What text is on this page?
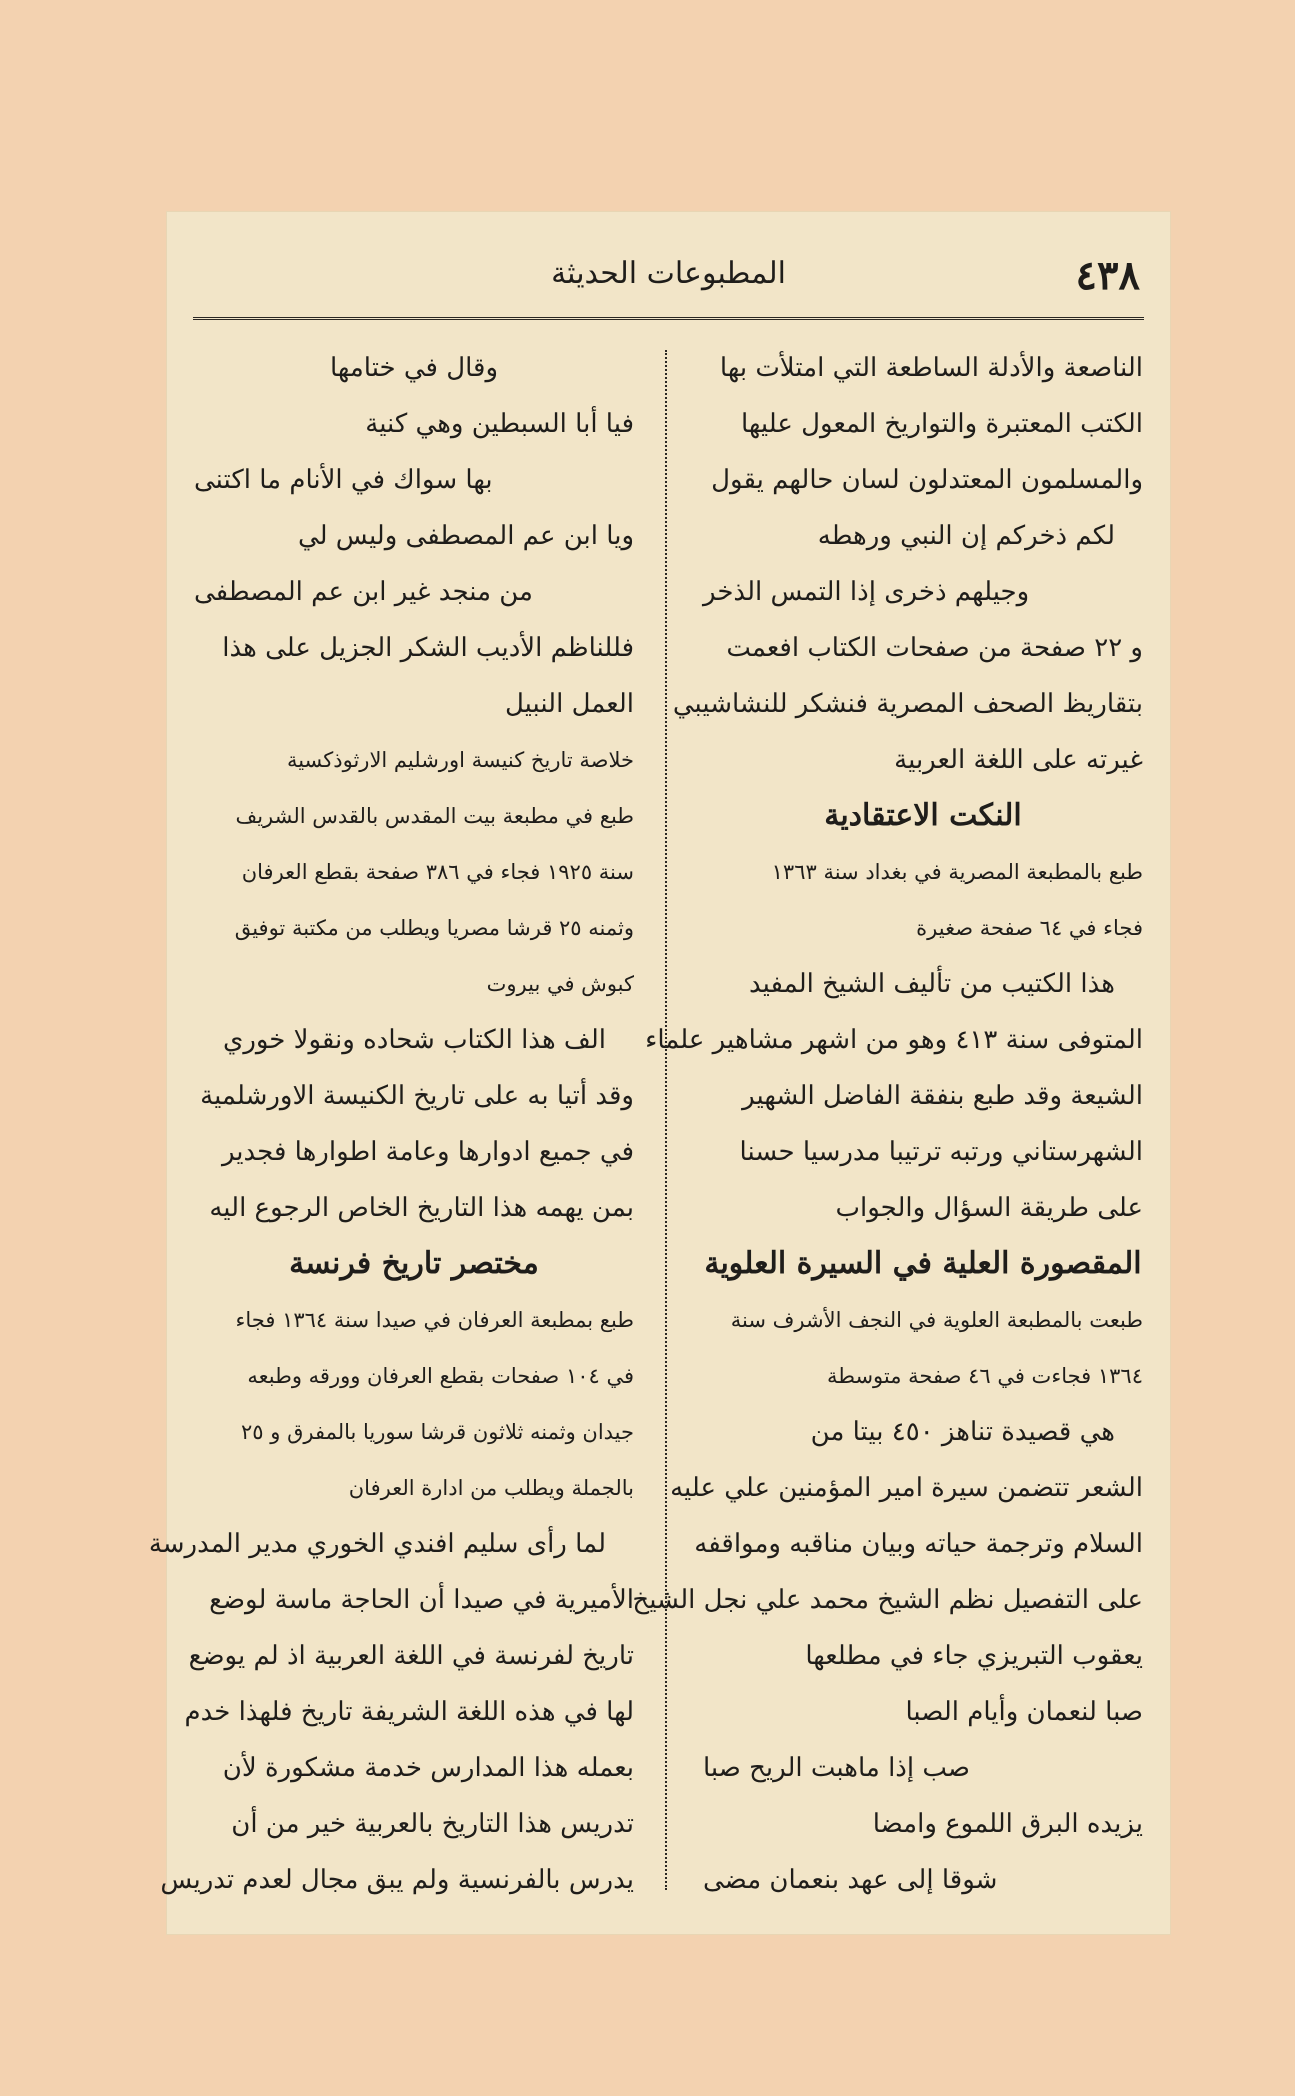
٤٣٨
المطبوعات الحديثة
الناصعة والأدلة الساطعة التي امتلأت بها
الكتب المعتبرة والتواريخ المعول عليها
والمسلمون المعتدلون لسان حالهم يقول
لكم ذخركم إن النبي ورهطه
وجيلهم ذخرى إذا التمس الذخر
و ٢٢ صفحة من صفحات الكتاب افعمت
بتقاريظ الصحف المصرية فنشكر للنشاشيبي
غيرته على اللغة العربية
النكت الاعتقادية
طبع بالمطبعة المصرية في بغداد سنة ١٣٦٣
فجاء في ٦٤ صفحة صغيرة
هذا الكتيب من تأليف الشيخ المفيد
المتوفى سنة ٤١٣ وهو من اشهر مشاهير علماء
الشيعة وقد طبع بنفقة الفاضل الشهير
الشهرستاني ورتبه ترتيبا مدرسيا حسنا
على طريقة السؤال والجواب
المقصورة العلية في السيرة العلوية
طبعت بالمطبعة العلوية في النجف الأشرف سنة
١٣٦٤ فجاءت في ٤٦ صفحة متوسطة
هي قصيدة تناهز ٤٥٠ بيتا من
الشعر تتضمن سيرة امير المؤمنين علي عليه
السلام وترجمة حياته وبيان مناقبه ومواقفه
على التفصيل نظم الشيخ محمد علي نجل الشيخ
يعقوب التبريزي جاء في مطلعها
صبا لنعمان وأيام الصبا
صب إذا ماهبت الريح صبا
يزيده البرق اللموع وامضا
شوقا إلى عهد بنعمان مضى
وقال في ختامها
فيا أبا السبطين وهي كنية
بها سواك في الأنام ما اكتنى
ويا ابن عم المصطفى وليس لي
من منجد غير ابن عم المصطفى
فللناظم الأديب الشكر الجزيل على هذا
العمل النبيل
خلاصة تاريخ كنيسة اورشليم الارثوذكسية
طبع في مطبعة بيت المقدس بالقدس الشريف
سنة ١٩٢٥ فجاء في ٣٨٦ صفحة بقطع العرفان
وثمنه ٢٥ قرشا مصريا ويطلب من مكتبة توفيق
كبوش في بيروت
الف هذا الكتاب شحاده ونقولا خوري
وقد أتيا به على تاريخ الكنيسة الاورشلمية
في جميع ادوارها وعامة اطوارها فجدير
بمن يهمه هذا التاريخ الخاص الرجوع اليه
مختصر تاريخ فرنسة
طبع بمطبعة العرفان في صيدا سنة ١٣٦٤ فجاء
في ١٠٤ صفحات بقطع العرفان وورقه وطبعه
جيدان وثمنه ثلاثون قرشا سوريا بالمفرق و ٢٥
بالجملة ويطلب من ادارة العرفان
لما رأى سليم افندي الخوري مدير المدرسة
الأميرية في صيدا أن الحاجة ماسة لوضع
تاريخ لفرنسة في اللغة العربية اذ لم يوضع
لها في هذه اللغة الشريفة تاريخ فلهذا خدم
بعمله هذا المدارس خدمة مشكورة لأن
تدريس هذا التاريخ بالعربية خير من أن
يدرس بالفرنسية ولم يبق مجال لعدم تدريس
